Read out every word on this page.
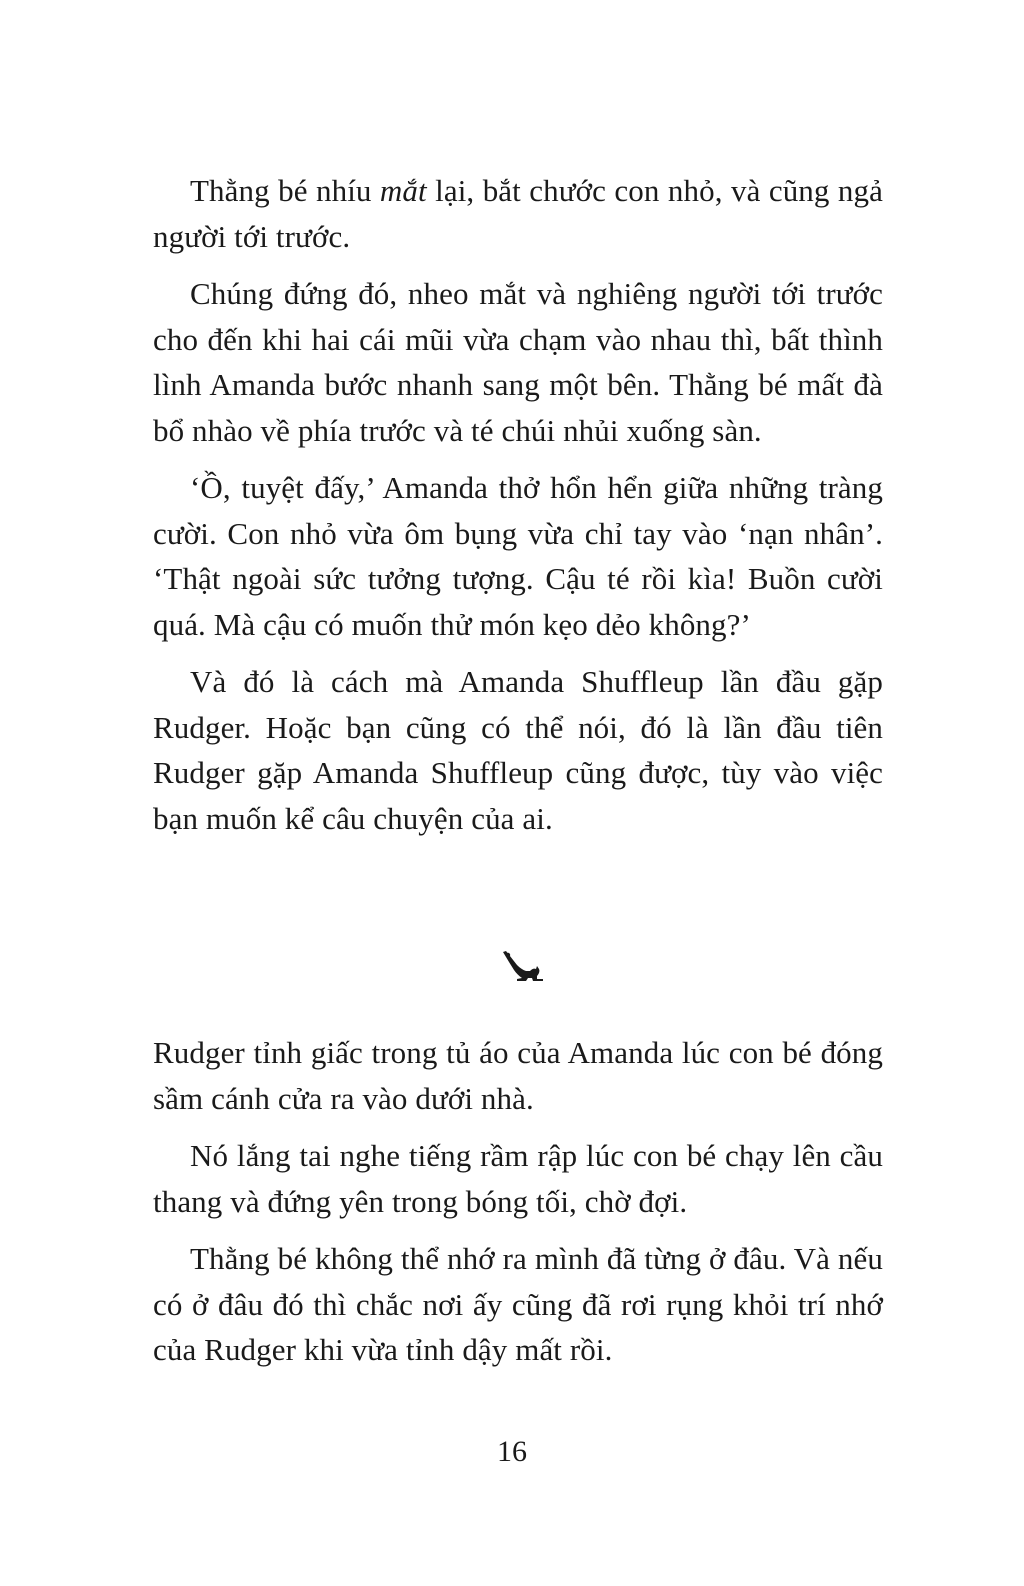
Thằng bé nhíu mắt lại, bắt chước con nhỏ, và cũng ngả người tới trước.

Chúng đứng đó, nheo mắt và nghiêng người tới trước cho đến khi hai cái mũi vừa chạm vào nhau thì, bất thình lình Amanda bước nhanh sang một bên. Thằng bé mất đà bổ nhào về phía trước và té chúi nhủi xuống sàn.

‘Ồ, tuyệt đấy,’ Amanda thở hổn hển giữa những tràng cười. Con nhỏ vừa ôm bụng vừa chỉ tay vào ‘nạn nhân’. ‘Thật ngoài sức tưởng tượng. Cậu té rồi kìa! Buồn cười quá. Mà cậu có muốn thử món kẹo dẻo không?’

Và đó là cách mà Amanda Shuffleup lần đầu gặp Rudger. Hoặc bạn cũng có thể nói, đó là lần đầu tiên Rudger gặp Amanda Shuffleup cũng được, tùy vào việc bạn muốn kể câu chuyện của ai.

Rudger tỉnh giấc trong tủ áo của Amanda lúc con bé đóng sầm cánh cửa ra vào dưới nhà.

Nó lắng tai nghe tiếng rầm rập lúc con bé chạy lên cầu thang và đứng yên trong bóng tối, chờ đợi.

Thằng bé không thể nhớ ra mình đã từng ở đâu. Và nếu có ở đâu đó thì chắc nơi ấy cũng đã rơi rụng khỏi trí nhớ của Rudger khi vừa tỉnh dậy mất rồi.

16
